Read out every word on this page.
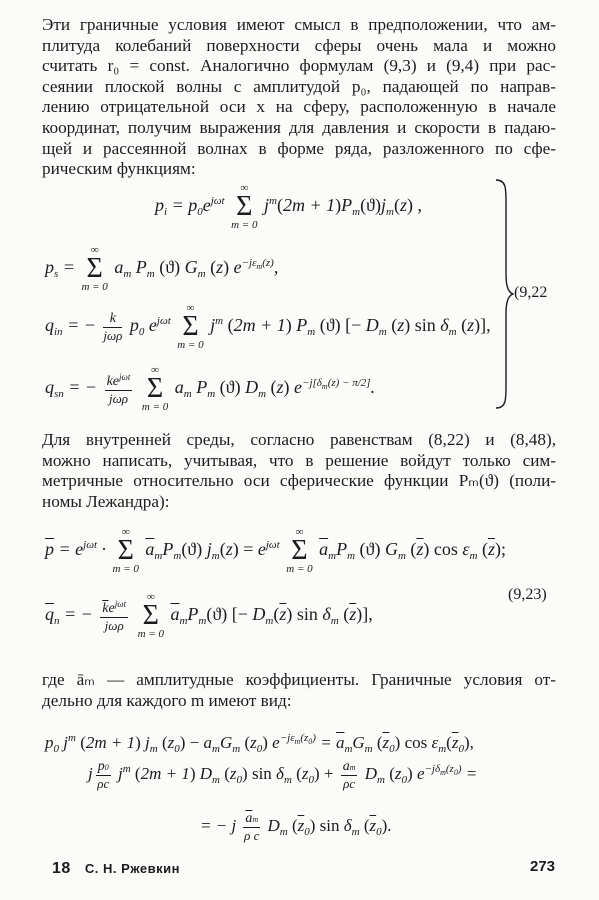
Эти граничные условия имеют смысл в предположении, что ам-
плитуда колебаний поверхности сферы очень мала и можно
считать r₀ = const. Аналогично формулам (9,3) и (9,4) при рас-
сеянии плоской волны с амплитудой p₀, падающей по направ-
лению отрицательной оси x на сферу, расположенную в начале
координат, получим выражения для давления и скорости в падаю-
щей и рассеянной волнах в форме ряда, разложенного по сфе-
рическим функциям:
$p_i = p_0e^{j\omega t}$
∞
Σ
m = 0
$j^m(2m + 1)P_m(ϑ)j_m(z)$ ,
$p_s$ =
∞
Σ
m = 0
$a_m$ $P_m$ (ϑ) $G_m$ (z) $e^{-j\varepsilon_m(z)}$,
$q_{in}$ = − $\frac{k}{\text{jωρ}} p_0$ $e^{j\omega t}$
∞
Σ
m = 0
$j^m$ (2m + 1) $P_m$ (ϑ) [− $D_m$ (z) $\sin \delta_m$ (z)],
$q_{sn}$ = − $\frac{ke^{j\omega t}}{\text{jωρ}}$

∞
Σ
m = 0
$a_m$ $P_m$ (ϑ) $D_m$ (z) $e^{-j[\delta_m(z) - \pi/2]}$.
(9,22
Для внутренней среды, согласно равенствам (8,22) и (8,48),
можно написать, учитывая, что в решение войдут только сим-
метричные относительно оси сферические функции Pₘ(ϑ) (поли-
номы Лежандра):
$\overline{p} = e^{j\omega t}$ ·
∞
Σ
m = 0
$\overline{a}_mP_m(ϑ) j_m(z) = e^{j\omega t}$
∞
Σ
m = 0
$\overline{a}_mP_m$ (ϑ) $G_m$ $(\overline{z})$ $\cos \varepsilon_m$ $(\overline{z})$;
$\overline{q}_n$ = − $\frac{\overline{k}e^{j\omega t}}{j\omega\overline{\rho}}$

∞
Σ
m = 0
$\overline{a}_mP_m(ϑ)$ [− $D_m(\overline{z})$ $\sin \delta_m$ $(\overline{z})$],
(9,23)
где āₘ — амплитудные коэффициенты. Граничные условия от-
дельно для каждого m имеют вид:
$p_0$ $j^m$ (2m + 1) $j_m$ $(z_0) - a_mG_m$ $(z_0) e^{-j\varepsilon_m(z_0)} = \overline{a}_mG_m$ $(\overline{z}_0)$ $\cos \varepsilon_m(\overline{z}_0)$,
j $\frac{p0}{\rho c} j^m$ (2m + 1) $D_m$ $(z_0)$ $\sin \delta_m$ $(z_0) + \frac{am}{\rho c} D_m$ $(z_0) e^{-j\delta_m(z_0)}$ =
= − j $\frac{\overline{a}m}{\overline{\rho} \overline{c}} D_m$ $(\overline{z}_0)$ $\sin \delta_m$ $(\overline{z}_0)$.
18 С. Н. Ржевкин	273
